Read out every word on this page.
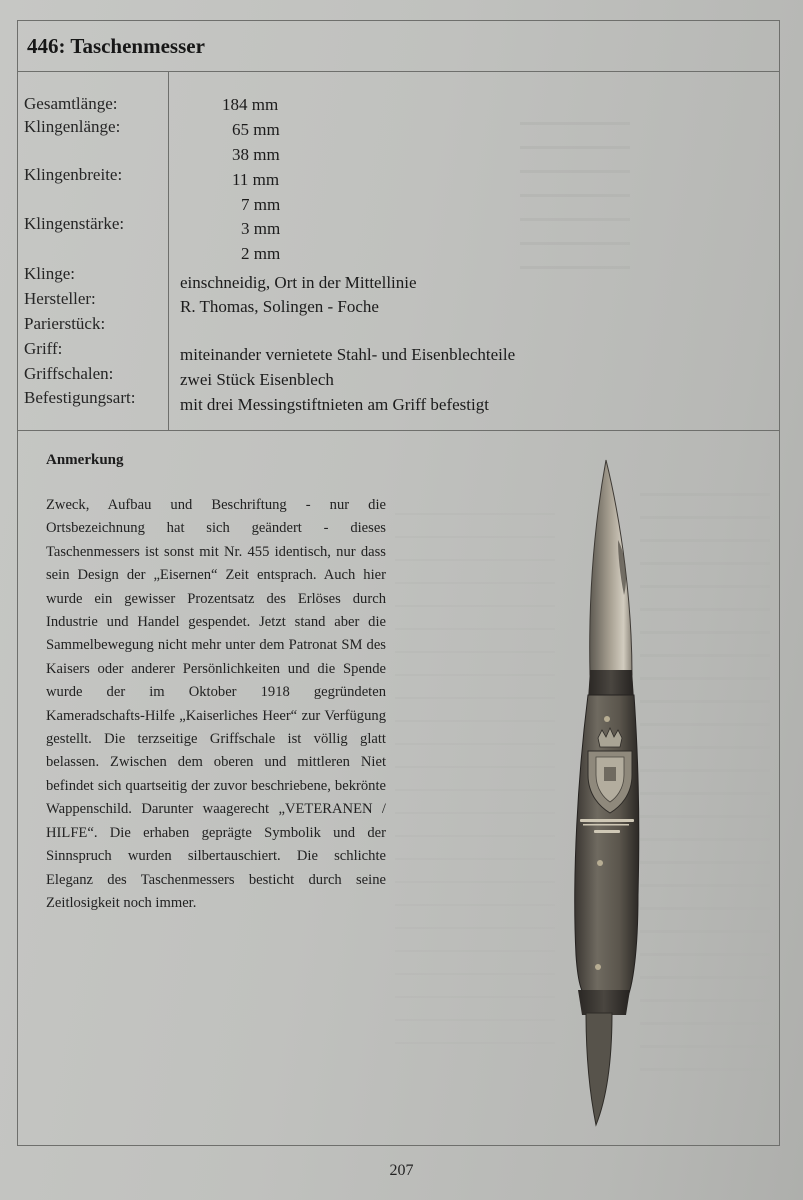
446: Taschenmesser
Gesamtlänge:
Klingenlänge:
Klingenbreite:
Klingenstärke:
Klinge:
Hersteller:
Parierstück:
Griff:
Griffschalen:
Befestigungsart:
184 mm
65 mm
38 mm
11 mm
7 mm
3 mm
2 mm
einschneidig, Ort in der Mittellinie
R. Thomas, Solingen - Foche
miteinander vernietete Stahl- und Eisenblechteile
zwei Stück Eisenblech
mit drei Messingstiftnieten am Griff befestigt
Anmerkung
Zweck, Aufbau und Beschriftung - nur die Ortsbezeichnung hat sich geändert - dieses Taschenmessers ist sonst mit Nr. 455 identisch, nur dass sein Design der „Eisernen“ Zeit entsprach. Auch hier wurde ein gewisser Prozentsatz des Erlöses durch Industrie und Handel gespendet. Jetzt stand aber die Sammelbewegung nicht mehr unter dem Patronat SM des Kaisers oder anderer Persönlichkeiten und die Spende wurde der im Oktober 1918 gegründeten Kameradschafts-Hilfe „Kaiserliches Heer“ zur Verfügung gestellt. Die terzseitige Griffschale ist völlig glatt belassen. Zwischen dem oberen und mittleren Niet befindet sich quartseitig der zuvor beschriebene, bekrönte Wappenschild. Darunter waagerecht „VETERANEN / HILFE“. Die erhaben geprägte Symbolik und der Sinnspruch wurden silbertauschiert. Die schlichte Eleganz des Taschenmessers besticht durch seine Zeitlosigkeit noch immer.
207
